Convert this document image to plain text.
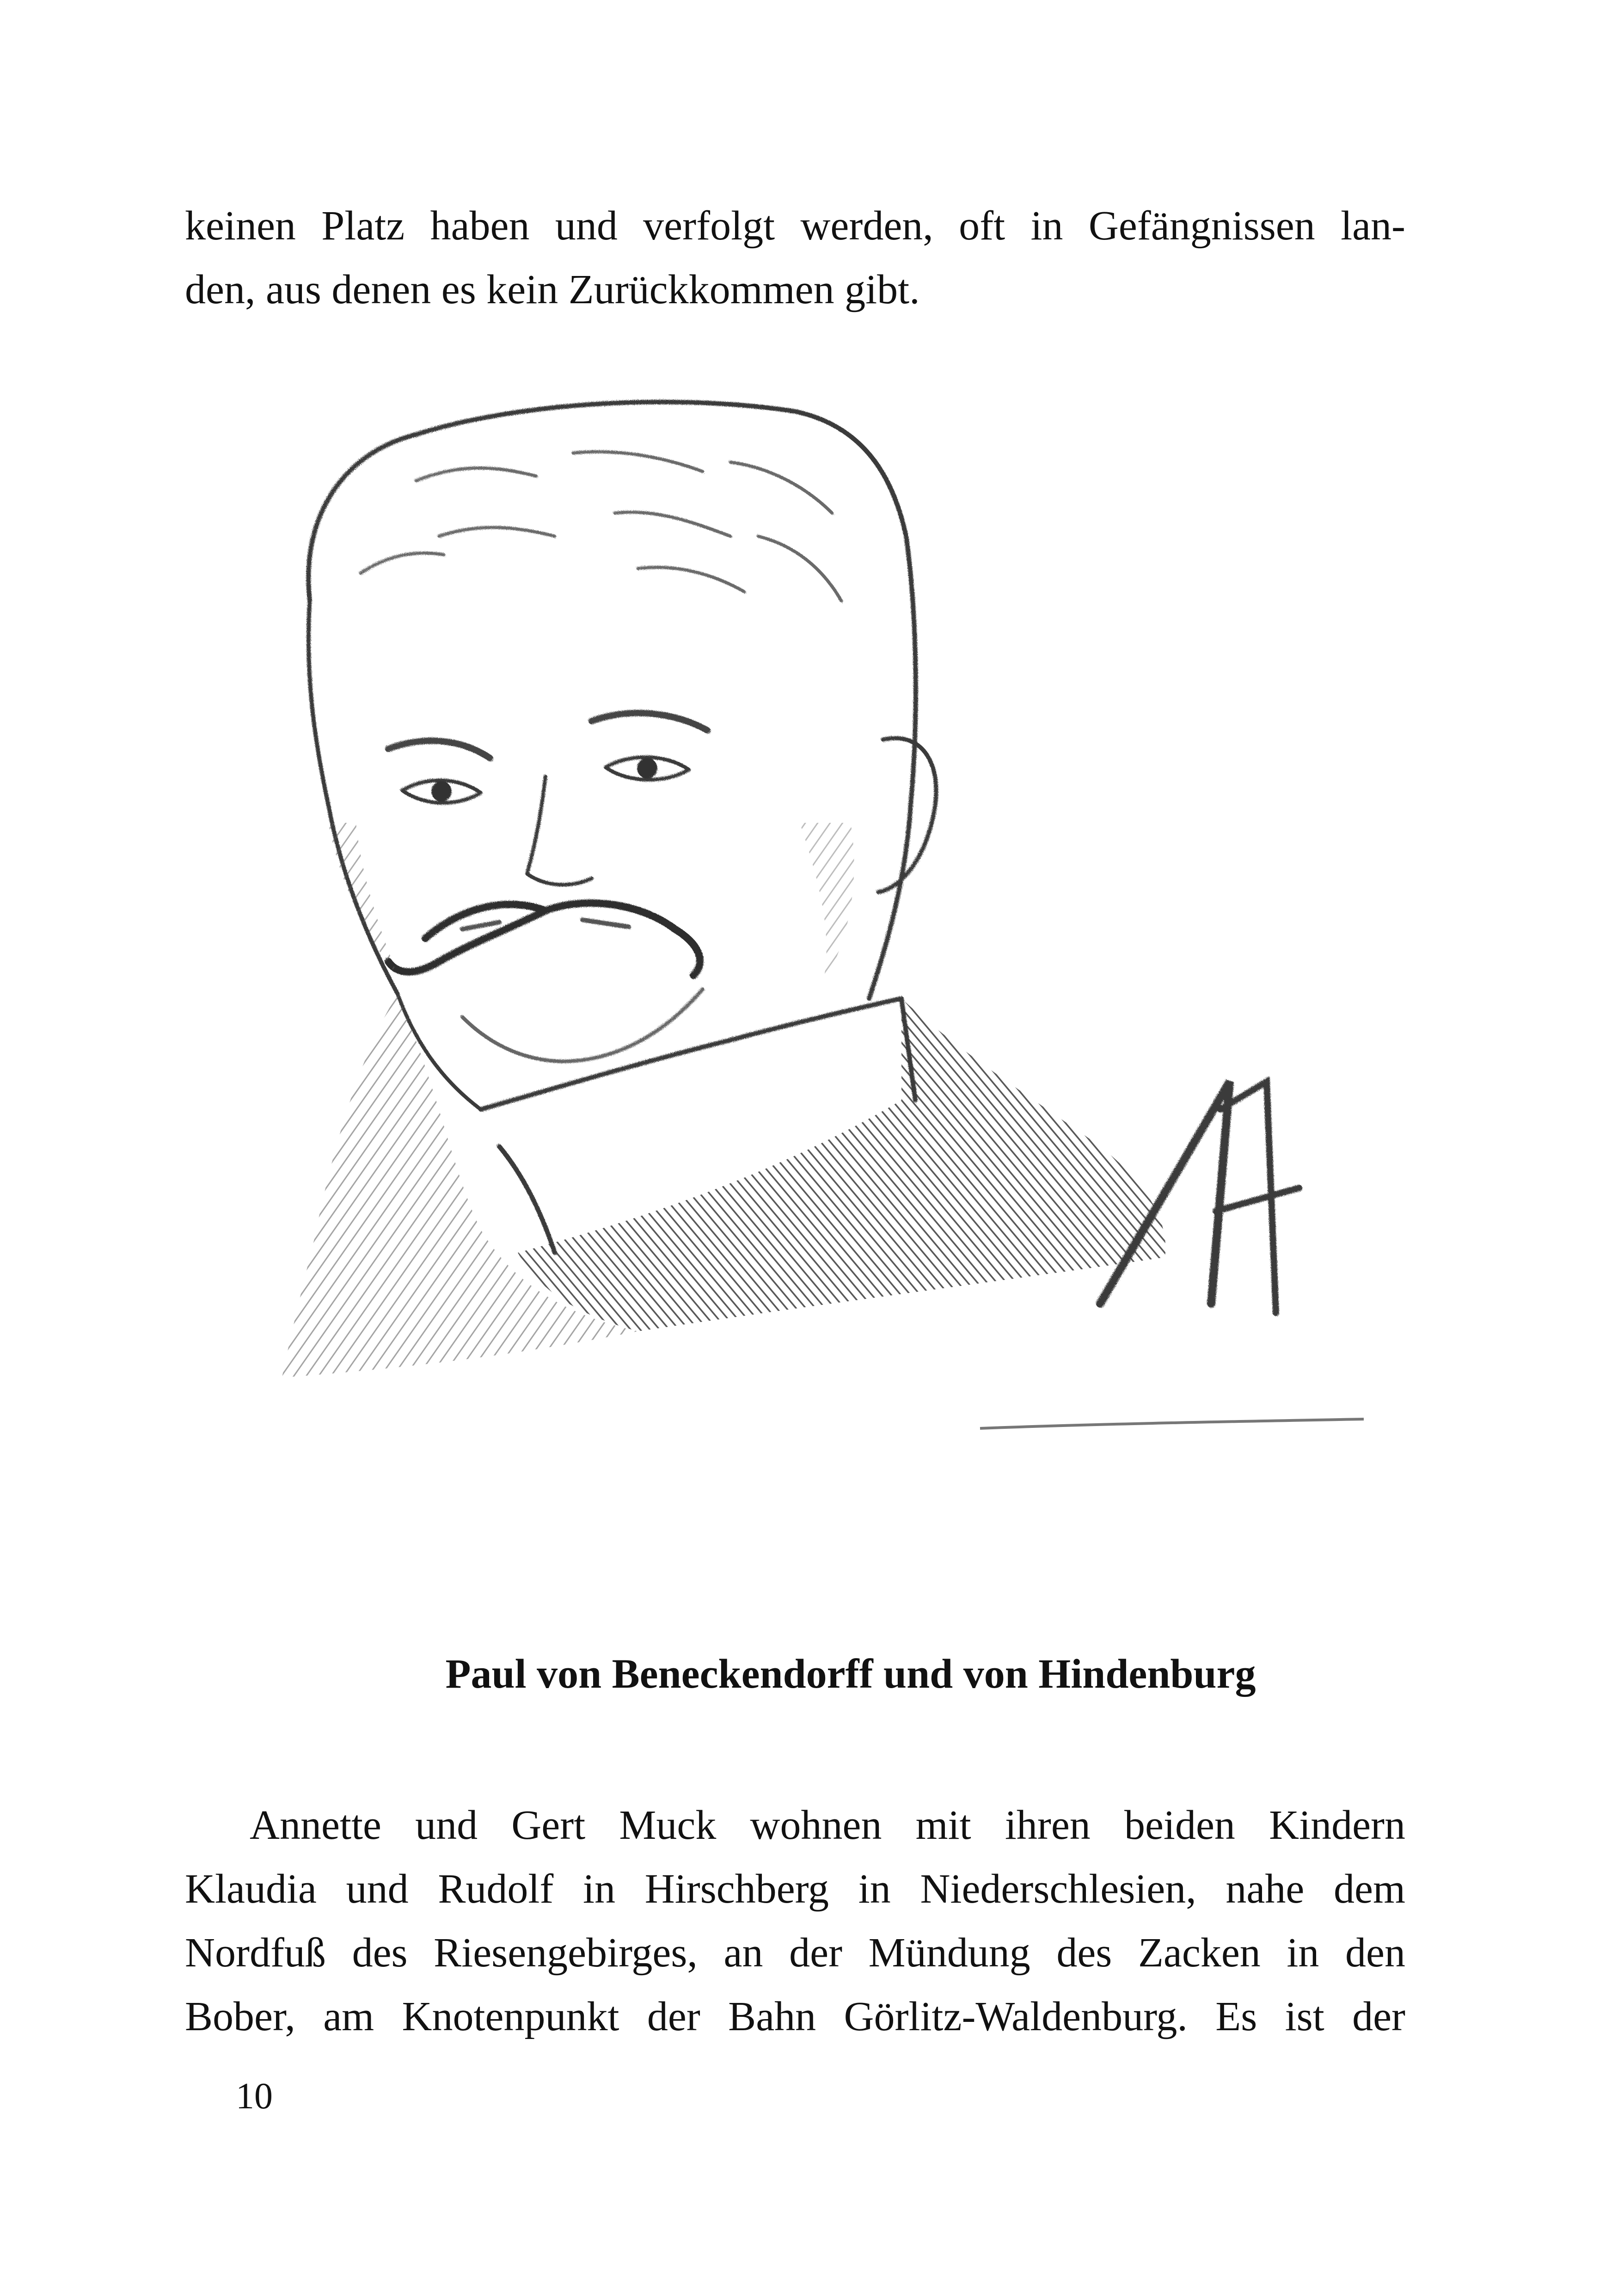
keinen Platz haben und verfolgt werden, oft in Gefängnissen lan-
den, aus denen es kein Zurückkommen gibt.
Paul von Beneckendorff und von Hindenburg
Annette und Gert Muck wohnen mit ihren beiden Kindern
Klaudia und Rudolf in Hirschberg in Niederschlesien, nahe dem
Nordfuß des Riesengebirges, an der Mündung des Zacken in den
Bober, am Knotenpunkt der Bahn Görlitz-Waldenburg. Es ist der
10
